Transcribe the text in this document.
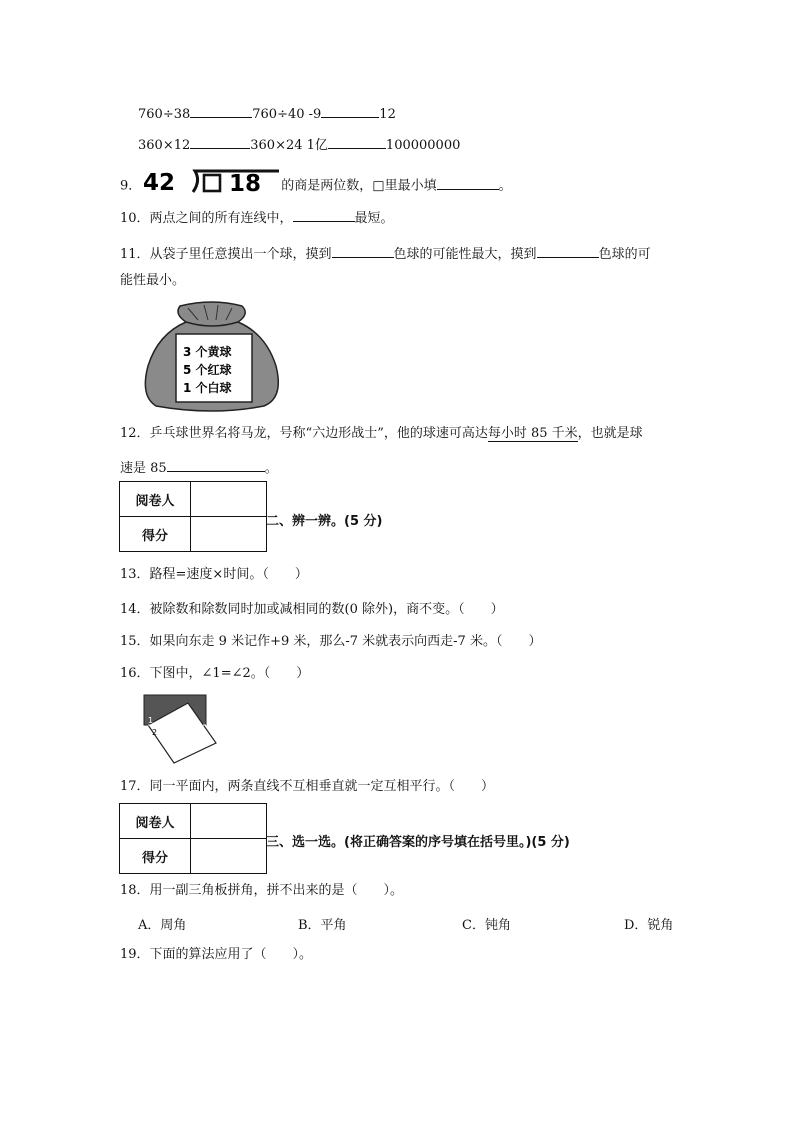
760÷38	760÷40 -9	12
360×12	360×24 1亿	100000000
9． 42 18 的商是两位数，□里最小填	。
10．两点之间的所有连线中，	最短。
11．从袋子里任意摸出一个球，摸到	色球的可能性最大，摸到	色球的可
能性最小。
3 个黄球
5 个红球
1 个白球
12．乒乓球世界名将马龙，号称“六边形战士”，他的球速可高达每小时 85 千米，也就是球
速是 85	。
阅卷人	
得分	
二、辨一辨。(5 分)
13．路程=速度×时间。（　　）
14．被除数和除数同时加或减相同的数(0 除外)，商不变。（　　）
15．如果向东走 9 米记作+9 米，那么-7 米就表示向西走-7 米。（　　）
16．下图中，∠1=∠2。（　　）
1
2
17．同一平面内，两条直线不互相垂直就一定互相平行。（　　）
阅卷人	
得分	
三、选一选。(将正确答案的序号填在括号里。)(5 分)
18．用一副三角板拼角，拼不出来的是（　　）。
A．周角	B．平角	C．钝角	D．锐角
19．下面的算法应用了（　　）。
